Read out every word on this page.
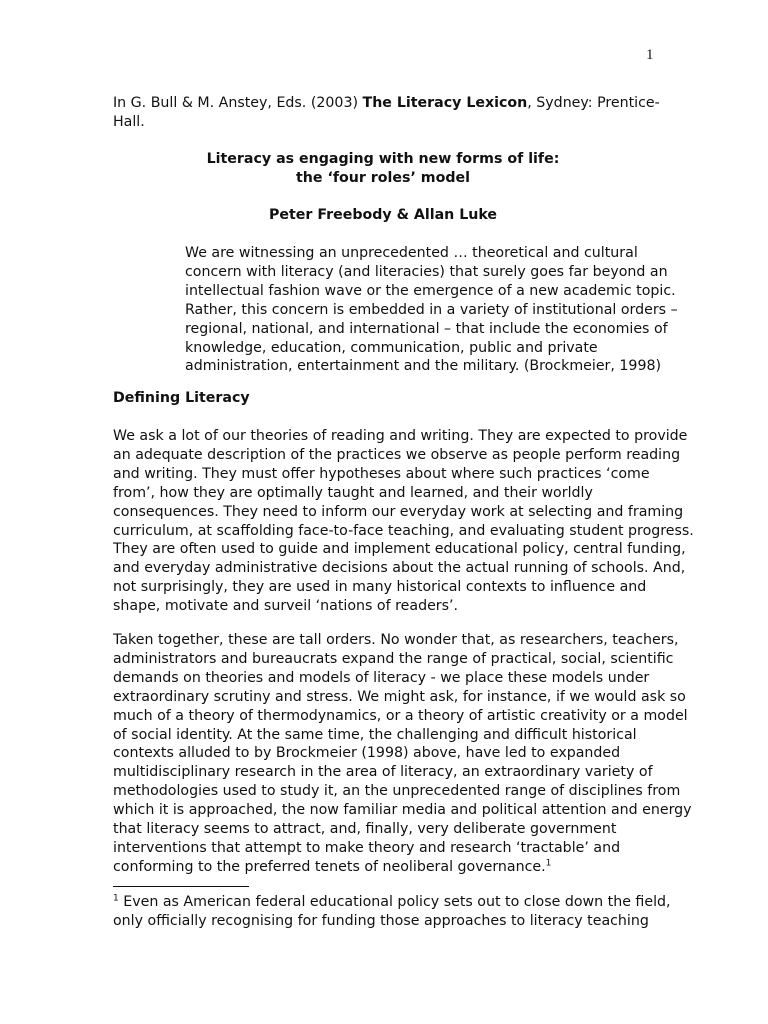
1
In G. Bull & M. Anstey, Eds. (2003) The Literacy Lexicon, Sydney: Prentice-
Hall.
Literacy as engaging with new forms of life:
the ‘four roles’ model
Peter Freebody & Allan Luke
We are witnessing an unprecedented … theoretical and cultural
concern with literacy (and literacies) that surely goes far beyond an
intellectual fashion wave or the emergence of a new academic topic.
Rather, this concern is embedded in a variety of institutional orders –
regional, national, and international – that include the economies of
knowledge, education, communication, public and private
administration, entertainment and the military. (Brockmeier, 1998)
Defining Literacy
We ask a lot of our theories of reading and writing. They are expected to provide
an adequate description of the practices we observe as people perform reading
and writing. They must offer hypotheses about where such practices ‘come
from’, how they are optimally taught and learned, and their worldly
consequences. They need to inform our everyday work at selecting and framing
curriculum, at scaffolding face-to-face teaching, and evaluating student progress.
They are often used to guide and implement educational policy, central funding,
and everyday administrative decisions about the actual running of schools. And,
not surprisingly, they are used in many historical contexts to influence and
shape, motivate and surveil ‘nations of readers’.
Taken together, these are tall orders. No wonder that, as researchers, teachers,
administrators and bureaucrats expand the range of practical, social, scientific
demands on theories and models of literacy - we place these models under
extraordinary scrutiny and stress. We might ask, for instance, if we would ask so
much of a theory of thermodynamics, or a theory of artistic creativity or a model
of social identity. At the same time, the challenging and difficult historical
contexts alluded to by Brockmeier (1998) above, have led to expanded
multidisciplinary research in the area of literacy, an extraordinary variety of
methodologies used to study it, an the unprecedented range of disciplines from
which it is approached, the now familiar media and political attention and energy
that literacy seems to attract, and, finally, very deliberate government
interventions that attempt to make theory and research ‘tractable’ and
conforming to the preferred tenets of neoliberal governance.$^1$
$^1$ Even as American federal educational policy sets out to close down the field,
only officially recognising for funding those approaches to literacy teaching
